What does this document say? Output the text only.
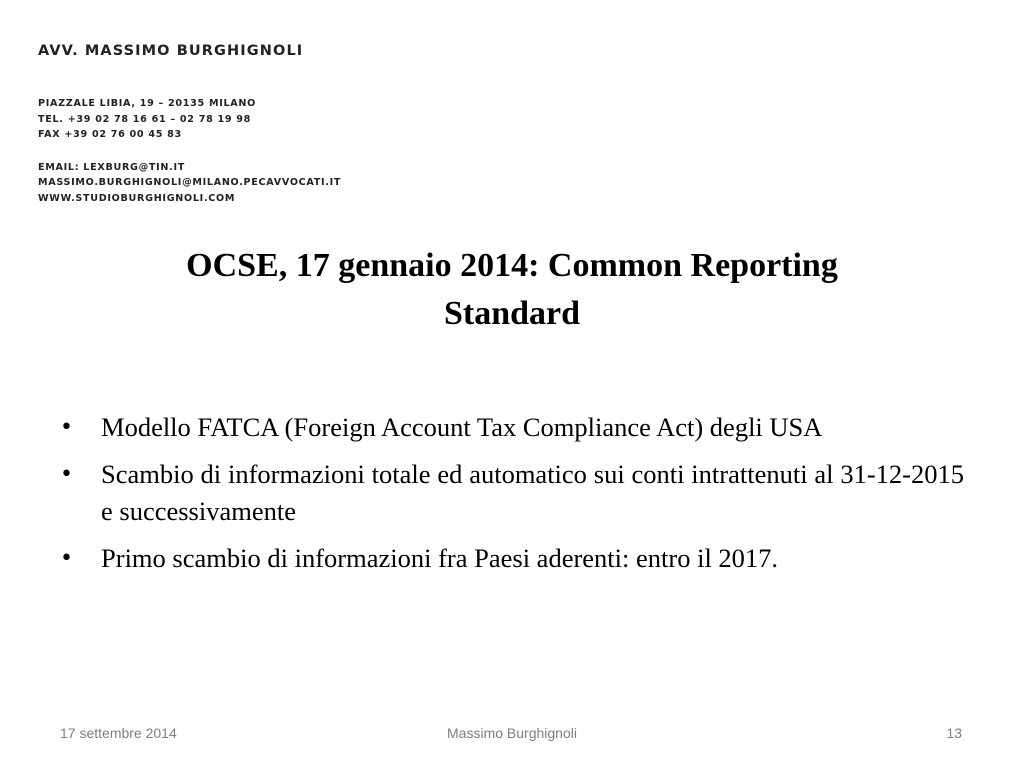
AVV. MASSIMO BURGHIGNOLI
PIAZZALE LIBIA, 19 – 20135 MILANO
TEL. +39 02 78 16 61 – 02 78 19 98
FAX +39 02 76 00 45 83
EMAIL: LEXBURG@TIN.IT
MASSIMO.BURGHIGNOLI@MILANO.PECAVVOCATI.IT
WWW.STUDIOBURGHIGNOLI.COM
OCSE, 17 gennaio 2014: Common Reporting
Standard
• Modello FATCA (Foreign Account Tax Compliance Act) degli USA
• Scambio di informazioni totale ed automatico sui conti intrattenuti al 31-12-2015 e successivamente
• Primo scambio di informazioni fra Paesi aderenti: entro il 2017.
17 settembre 2014	Massimo Burghignoli	13
